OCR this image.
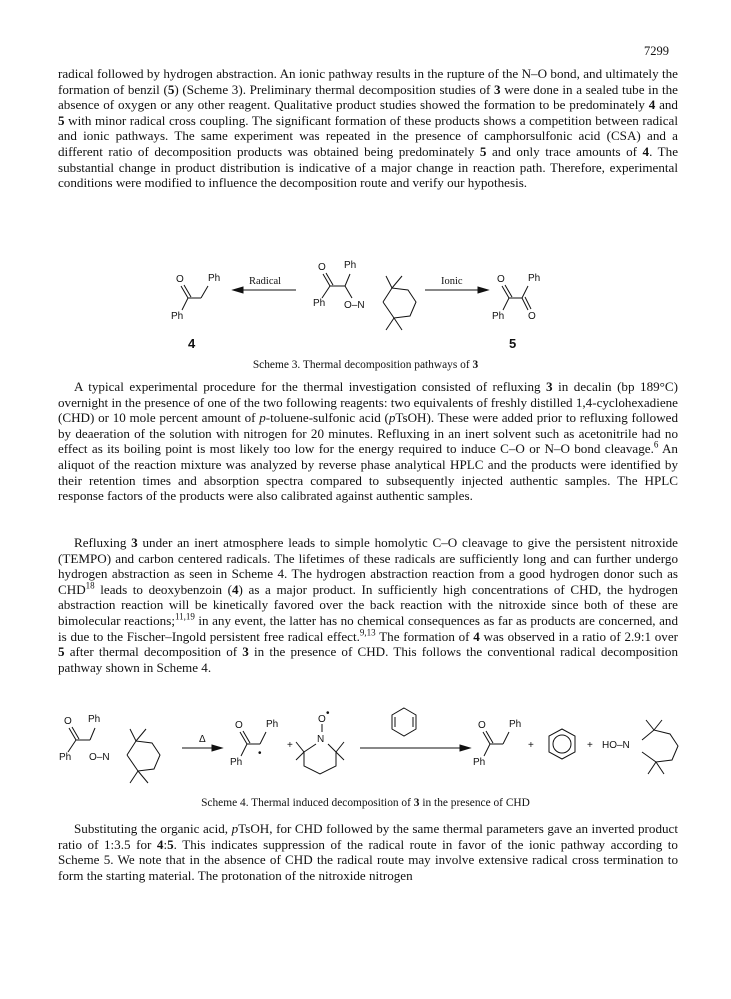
7299

radical followed by hydrogen abstraction. An ionic pathway results in the rupture of the N–O bond, and ultimately the formation of benzil (5) (Scheme 3). Preliminary thermal decomposition studies of 3 were done in a sealed tube in the absence of oxygen or any other reagent. Qualitative product studies showed the formation to be predominately 4 and 5 with minor radical cross coupling. The significant formation of these products shows a competition between radical and ionic pathways. The same experiment was repeated in the presence of camphorsulfonic acid (CSA) and a different ratio of decomposition products was obtained being predominately 5 and only trace amounts of 4. The substantial change in product distribution is indicative of a major change in reaction path. Therefore, experimental conditions were modified to influence the decomposition route and verify our hypothesis.

O Ph
Ph
4
Radical
O Ph
Ph O–N
Ionic	O Ph
Ph O
5
Scheme 3. Thermal decomposition pathways of 3

A typical experimental procedure for the thermal investigation consisted of refluxing 3 in decalin (bp 189°C) overnight in the presence of one of the two following reagents: two equivalents of freshly distilled 1,4-cyclohexadiene (CHD) or 10 mole percent amount of p-toluene-sulfonic acid (pTsOH). These were added prior to refluxing followed by deaeration of the solution with nitrogen for 20 minutes. Refluxing in an inert solvent such as acetonitrile had no effect as its boiling point is most likely too low for the energy required to induce C–O or N–O bond cleavage.$^6$ An aliquot of the reaction mixture was analyzed by reverse phase analytical HPLC and the products were identified by their retention times and absorption spectra compared to subsequently injected authentic samples. The HPLC response factors of the products were also calibrated against authentic samples.

Refluxing 3 under an inert atmosphere leads to simple homolytic C–O cleavage to give the persistent nitroxide (TEMPO) and carbon centered radicals. The lifetimes of these radicals are sufficiently long and can further undergo hydrogen abstraction as seen in Scheme 4. The hydrogen abstraction reaction from a good hydrogen donor such as CHD$^{18}$ leads to deoxybenzoin (4) as a major product. In sufficiently high concentrations of CHD, the hydrogen abstraction reaction will be kinetically favored over the back reaction with the nitroxide since both of these are bimolecular reactions;$^{11,19}$ in any event, the latter has no chemical consequences as far as products are concerned, and is due to the Fischer–Ingold persistent free radical effect.$^{9,13}$ The formation of 4 was observed in a ratio of 2.9:1 over 5 after thermal decomposition of 3 in the presence of CHD. This follows the conventional radical decomposition pathway shown in Scheme 4.

O Ph
Ph O–N
Δ
O Ph
Ph
•
+
O
•
N
O Ph
Ph
+	+ HO–N
Scheme 4. Thermal induced decomposition of 3 in the presence of CHD

Substituting the organic acid, pTsOH, for CHD followed by the same thermal parameters gave an inverted product ratio of 1:3.5 for 4:5. This indicates suppression of the radical route in favor of the ionic pathway according to Scheme 5. We note that in the absence of CHD the radical route may involve extensive radical cross termination to form the starting material. The protonation of the nitroxide nitrogen
